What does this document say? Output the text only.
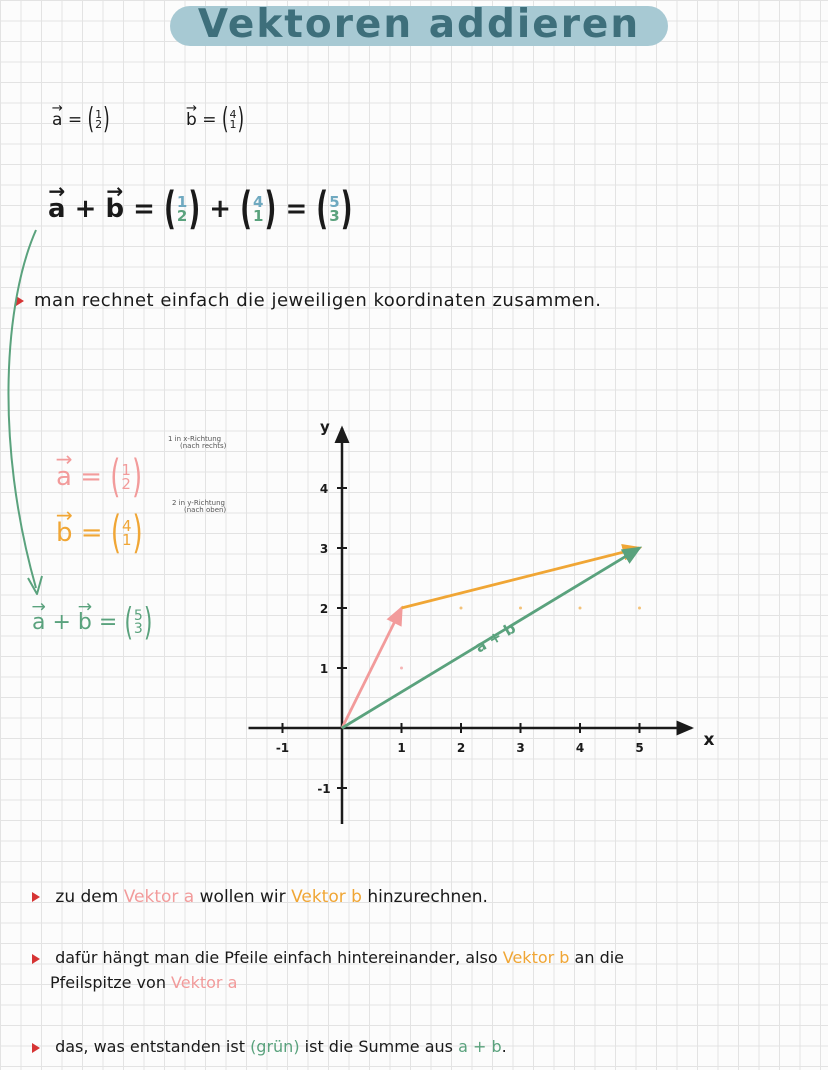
Vektoren addieren
→ a = ( 1
2 )	→ b = ( 4
1 )
→ a + → b = ( 1
2 ) + ( 4
1 ) = ( 5
3 )
man rechnet einfach die jeweiligen koordinaten zusammen.
→ a = ( 1
2 )
1 in x-Richtung
(nach rechts)
2 in y-Richtung
(nach oben)
→ b = ( 4
1 )
→ a + → b = ( 5
3 )
-1	1	2	3	4	5
-1
1
2
3
4
x
y
a + b
zu dem Vektor a wollen wir Vektor b hinzurechnen.
dafür hängt man die Pfeile einfach hintereinander, also Vektor b an die
Pfeilspitze von Vektor a
das, was entstanden ist (grün) ist die Summe aus a + b.
